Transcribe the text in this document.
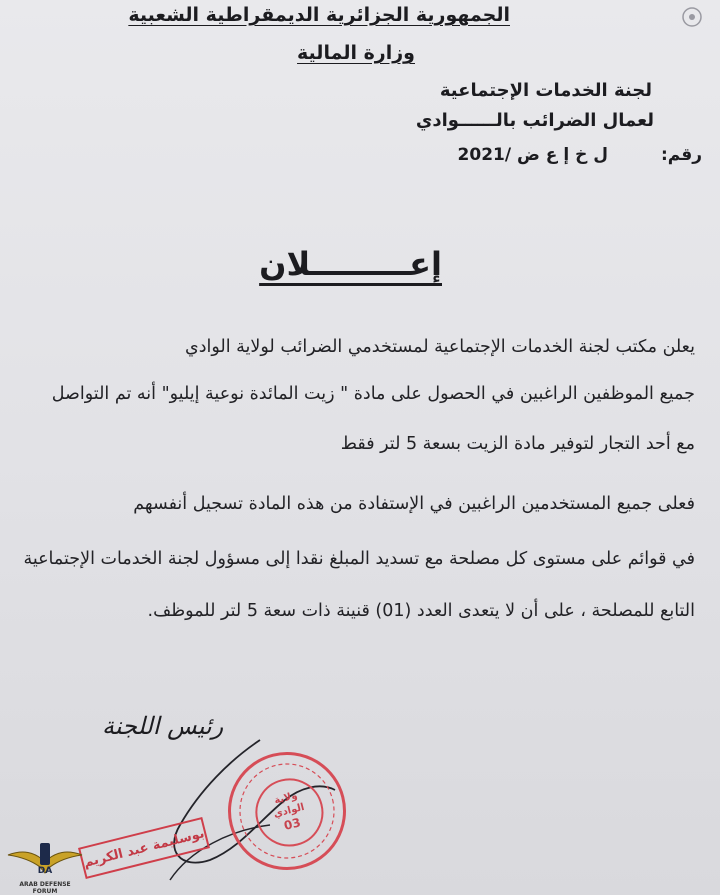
الجمهورية الجزائرية الديمقراطية الشعبية
وزارة المالية
لجنة الخدمات الإجتماعية
لعمال الضرائب بالــــــوادي
رقم:
ل خ إ ع ض /2021
إعـــــــــلان
يعلن مكتب لجنة الخدمات الإجتماعية لمستخدمي الضرائب لولاية الوادي
جميع الموظفين الراغبين في الحصول على مادة " زيت المائدة نوعية إيليو" أنه تم التواصل
مع أحد التجار لتوفير مادة الزيت بسعة 5 لتر فقط
فعلى جميع المستخدمين الراغبين في الإستفادة من هذه المادة تسجيل أنفسهم
في قوائم على مستوى كل مصلحة مع تسديد المبلغ نقدا إلى مسؤول لجنة الخدمات الإجتماعية
التابع للمصلحة ، على أن لا يتعدى العدد (01) قنينة ذات سعة 5 لتر للموظف.
رئيس اللجنة
ولاية
الوادي
03
بوسليمة عبد الكريم
DA
ARAB DEFENSE FORUM
